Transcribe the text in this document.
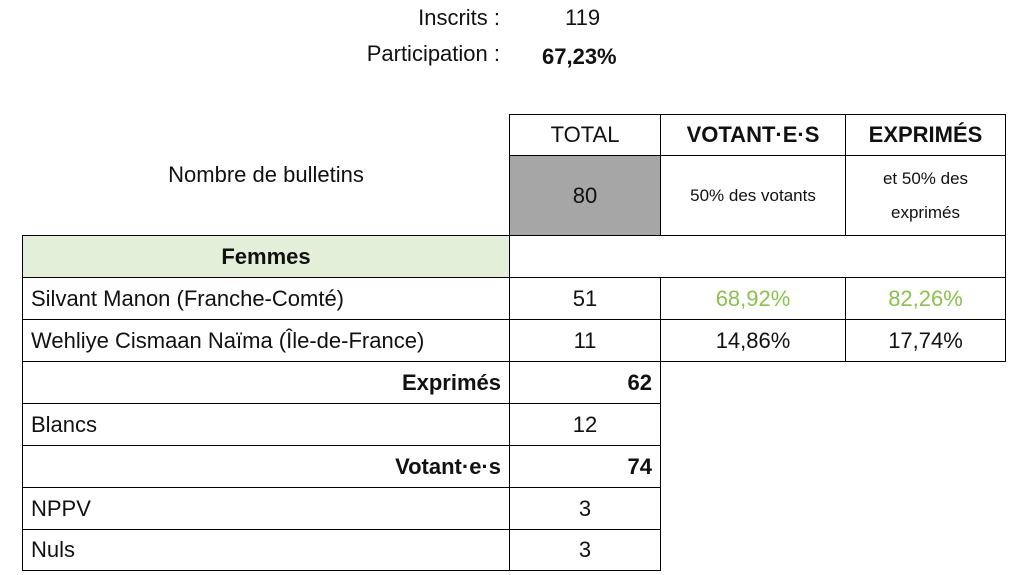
Inscrits :	119
Participation : 67,23%
Nombre de bulletins
TOTAL	VOTANT·E·S	EXPRIMÉS
80	50% des votants
et 50% des
exprimés
Femmes
Silvant Manon (Franche-Comté)	51	68,92%	82,26%
Wehliye Cismaan Naïma (Île-de-France)	11	14,86%	17,74%
Exprimés	62
Blancs	12
Votant·e·s	74
NPPV	3
Nuls	3
